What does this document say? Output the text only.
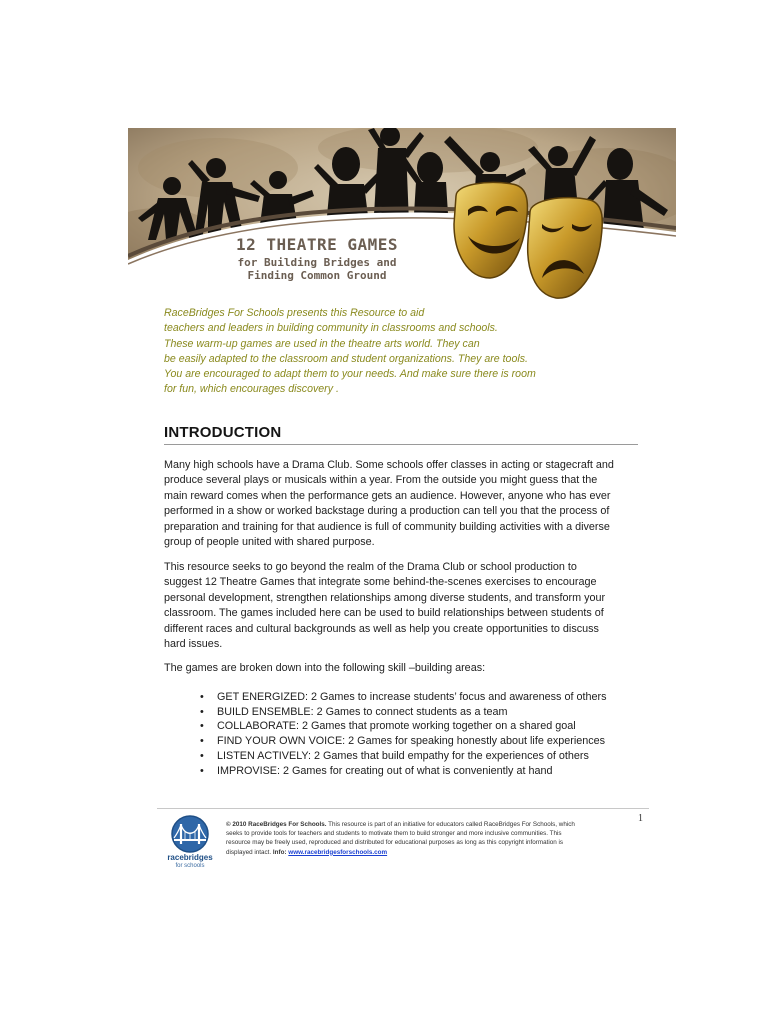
12 THEATRE GAMES
for Building Bridges and
Finding Common Ground

RaceBridges For Schools presents this Resource to aid
teachers and leaders in building community in classrooms and schools.
These warm-up games are used in the theatre arts world. They can
be easily adapted to the classroom and student organizations. They are tools.
You are encouraged to adapt them to your needs. And make sure there is room
for fun, which encourages discovery .

INTRODUCTION

Many high schools have a Drama Club. Some schools offer classes in acting or stagecraft and
produce several plays or musicals within a year. From the outside you might guess that the
main reward comes when the performance gets an audience. However, anyone who has ever
performed in a show or worked backstage during a production can tell you that the process of
preparation and training for that audience is full of community building activities with a diverse
group of people united with shared purpose.

This resource seeks to go beyond the realm of the Drama Club or school production to
suggest 12 Theatre Games that integrate some behind-the-scenes exercises to encourage
personal development, strengthen relationships among diverse students, and transform your
classroom. The games included here can be used to build relationships between students of
different races and cultural backgrounds as well as help you create opportunities to discuss
hard issues.

The games are broken down into the following skill –building areas:

• GET ENERGIZED: 2 Games to increase students’ focus and awareness of others
• BUILD ENSEMBLE: 2 Games to connect students as a team
• COLLABORATE: 2 Games that promote working together on a shared goal
• FIND YOUR OWN VOICE: 2 Games for speaking honestly about life experiences
• LISTEN ACTIVELY: 2 Games that build empathy for the experiences of others
• IMPROVISE: 2 Games for creating out of what is conveniently at hand
1
racebridges
for schools

© 2010 RaceBridges For Schools. This resource is part of an initiative for educators called RaceBridges For Schools, which
seeks to provide tools for teachers and students to motivate them to build stronger and more inclusive communities. This
resource may be freely used, reproduced and distributed for educational purposes as long as this copyright information is
displayed intact. Info: www.racebridgesforschools.com
